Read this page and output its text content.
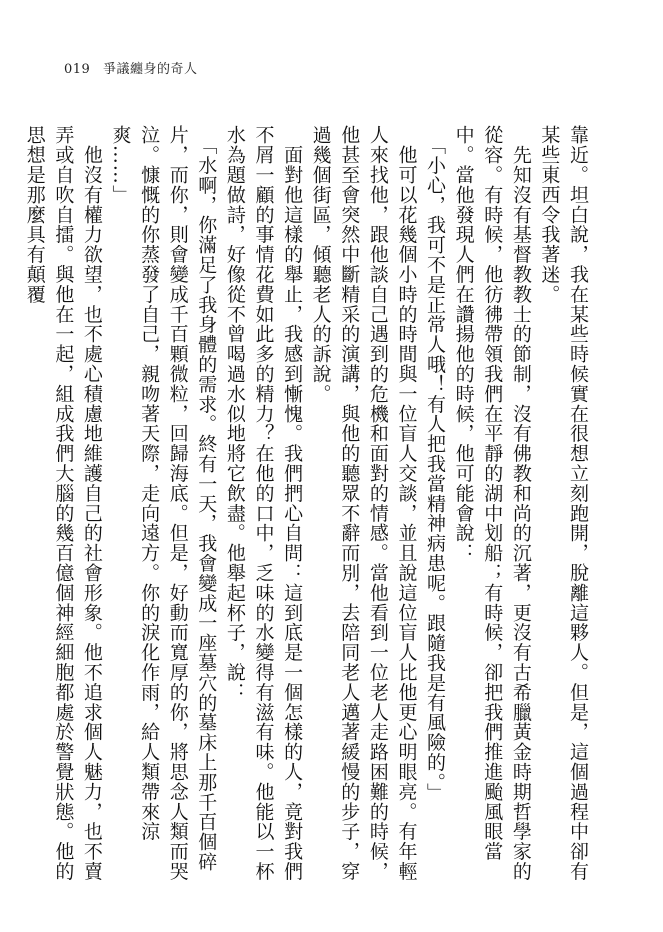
019 爭議纏身的奇人

靠近。坦白說，我在某些時候實在很想立刻跑開，脫離這夥人。但是，這個過程中卻有某些東西令我著迷。

　先知沒有基督教教士的節制，沒有佛教和尚的沉著，更沒有古希臘黃金時期哲學家的從容。有時候，他彷彿帶領我們在平靜的湖中划船；有時候，卻把我們推進颱風眼當中。當他發現人們在讚揚他的時候，他可能會說：

　「小心，我可不是正常人哦！有人把我當精神病患呢。跟隨我是有風險的。」

　他可以花幾個小時的時間與一位盲人交談，並且說這位盲人比他更心明眼亮。有年輕人來找他，跟他談自己遇到的危機和面對的情感。當他看到一位老人走路困難的時候，他甚至會突然中斷精采的演講，與他的聽眾不辭而別，去陪同老人邁著緩慢的步子，穿過幾個街區，傾聽老人的訴說。

　面對他這樣的舉止，我感到慚愧。我們捫心自問：這到底是一個怎樣的人，竟對我們不屑一顧的事情花費如此多的精力？在他的口中，乏味的水變得有滋有味。他能以一杯水為題做詩，好像從不曾喝過水似地將它飲盡。他舉起杯子，說：

　「水啊，你滿足了我身體的需求。終有一天，我會變成一座墓穴的墓床上那千百個碎片，而你，則會變成千百顆微粒，回歸海底。但是，好動而寬厚的你，將思念人類而哭泣。慷慨的你蒸發了自己，親吻著天際，走向遠方。你的淚化作雨，給人類帶來涼爽……」

　他沒有權力欲望，也不處心積慮地維護自己的社會形象。他不追求個人魅力，也不賣弄或自吹自擂。與他在一起，組成我們大腦的幾百億個神經細胞都處於警覺狀態。他的思想是那麼具有顛覆
